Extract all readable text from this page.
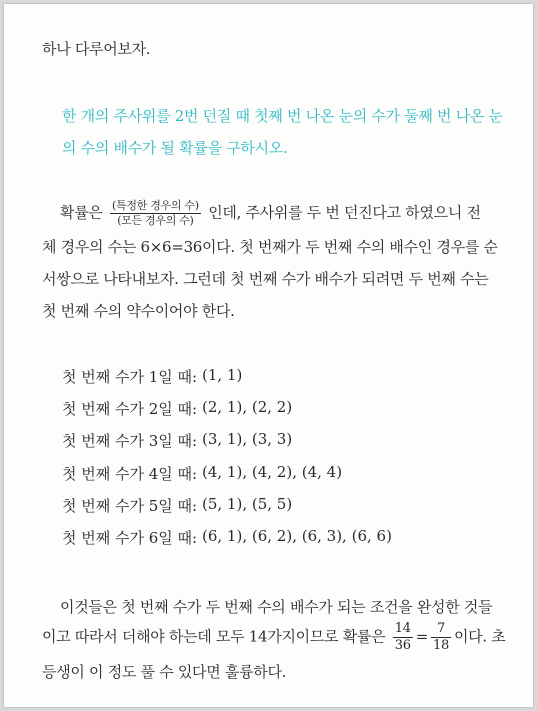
하나 다루어보자.
한 개의 주사위를 2번 던질 때 첫째 번 나온 눈의 수가 둘째 번 나온 눈
의 수의 배수가 될 확률을 구하시오.
확률은 $\frac{\text{(특정한 경우의 수)}}{\text{(모든 경우의 수)}}$ 인데, 주사위를 두 번 던진다고 하였으니 전
체 경우의 수는 6×6=36이다. 첫 번째가 두 번째 수의 배수인 경우를 순
서쌍으로 나타내보자. 그런데 첫 번째 수가 배수가 되려면 두 번째 수는
첫 번째 수의 약수이어야 한다.
첫 번째 수가 1일 때: (1, 1)
첫 번째 수가 2일 때: (2, 1), (2, 2)
첫 번째 수가 3일 때: (3, 1), (3, 3)
첫 번째 수가 4일 때: (4, 1), (4, 2), (4, 4)
첫 번째 수가 5일 때: (5, 1), (5, 5)
첫 번째 수가 6일 때: (6, 1), (6, 2), (6, 3), (6, 6)
이것들은 첫 번째 수가 두 번째 수의 배수가 되는 조건을 완성한 것들
이고 따라서 더해야 하는데 모두 14가지이므로 확률은 $\frac{14}{36} = \frac{7}{18}$ 이다. 초
등생이 이 정도 풀 수 있다면 훌륭하다.
